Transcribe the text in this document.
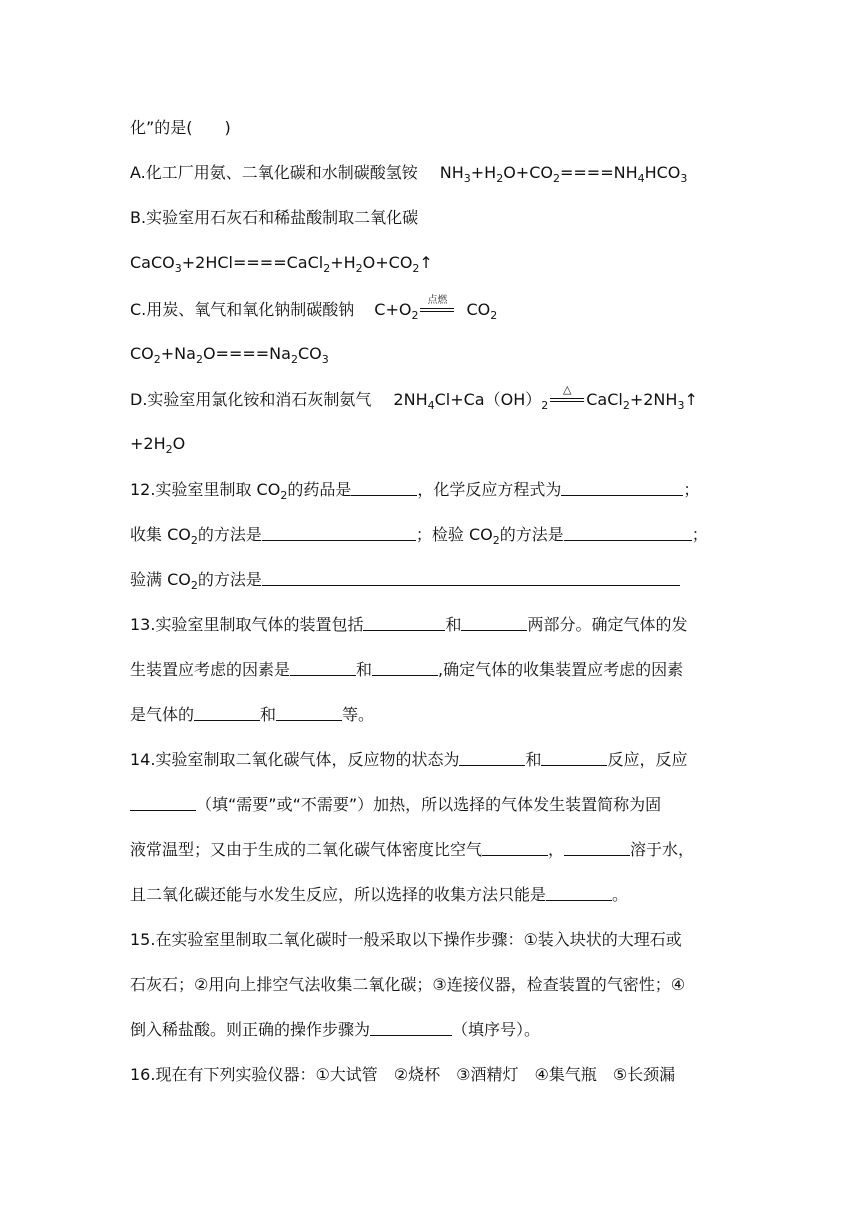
化”的是(　　)
A.化工厂用氨、二氧化碳和水制碳酸氢铵 $NH_3+H_2O+CO_2====NH_4HCO_3$
B.实验室用石灰石和稀盐酸制取二氧化碳
$CaCO_3+2HCl====CaCl_2+H_2O+CO_2↑$
C.用炭、氧气和氧化钠制碳酸钠 $C+O_2$
点燃	$CO_2$
$CO_2+Na_2O====Na_2CO_3$
D.实验室用氯化铵和消石灰制氨气 $2NH_4Cl+Ca(OH)_2$
△
$CaCl_2+2NH_3↑$
$+2H_2O$
12.实验室里制取 $CO_2$的药品是	，化学反应方程式为	；
收集 $CO_2$的方法是	；检验 $CO_2$的方法是	；
验满 $CO_2$的方法是
13.实验室里制取气体的装置包括	和	两部分。确定气体的发
生装置应考虑的因素是	和	,确定气体的收集装置应考虑的因素
是气体的	和	等。
14.实验室制取二氧化碳气体，反应物的状态为	和	反应，反应
（填“需要”或“不需要”）加热，所以选择的气体发生装置简称为固
液常温型；又由于生成的二氧化碳气体密度比空气	，	溶于水，
且二氧化碳还能与水发生反应，所以选择的收集方法只能是	。
15.在实验室里制取二氧化碳时一般采取以下操作步骤：①装入块状的大理石或
石灰石；②用向上排空气法收集二氧化碳；③连接仪器，检查装置的气密性；④
倒入稀盐酸。则正确的操作步骤为	（填序号）。
16.现在有下列实验仪器：①大试管　②烧杯　③酒精灯　④集气瓶　⑤长颈漏
